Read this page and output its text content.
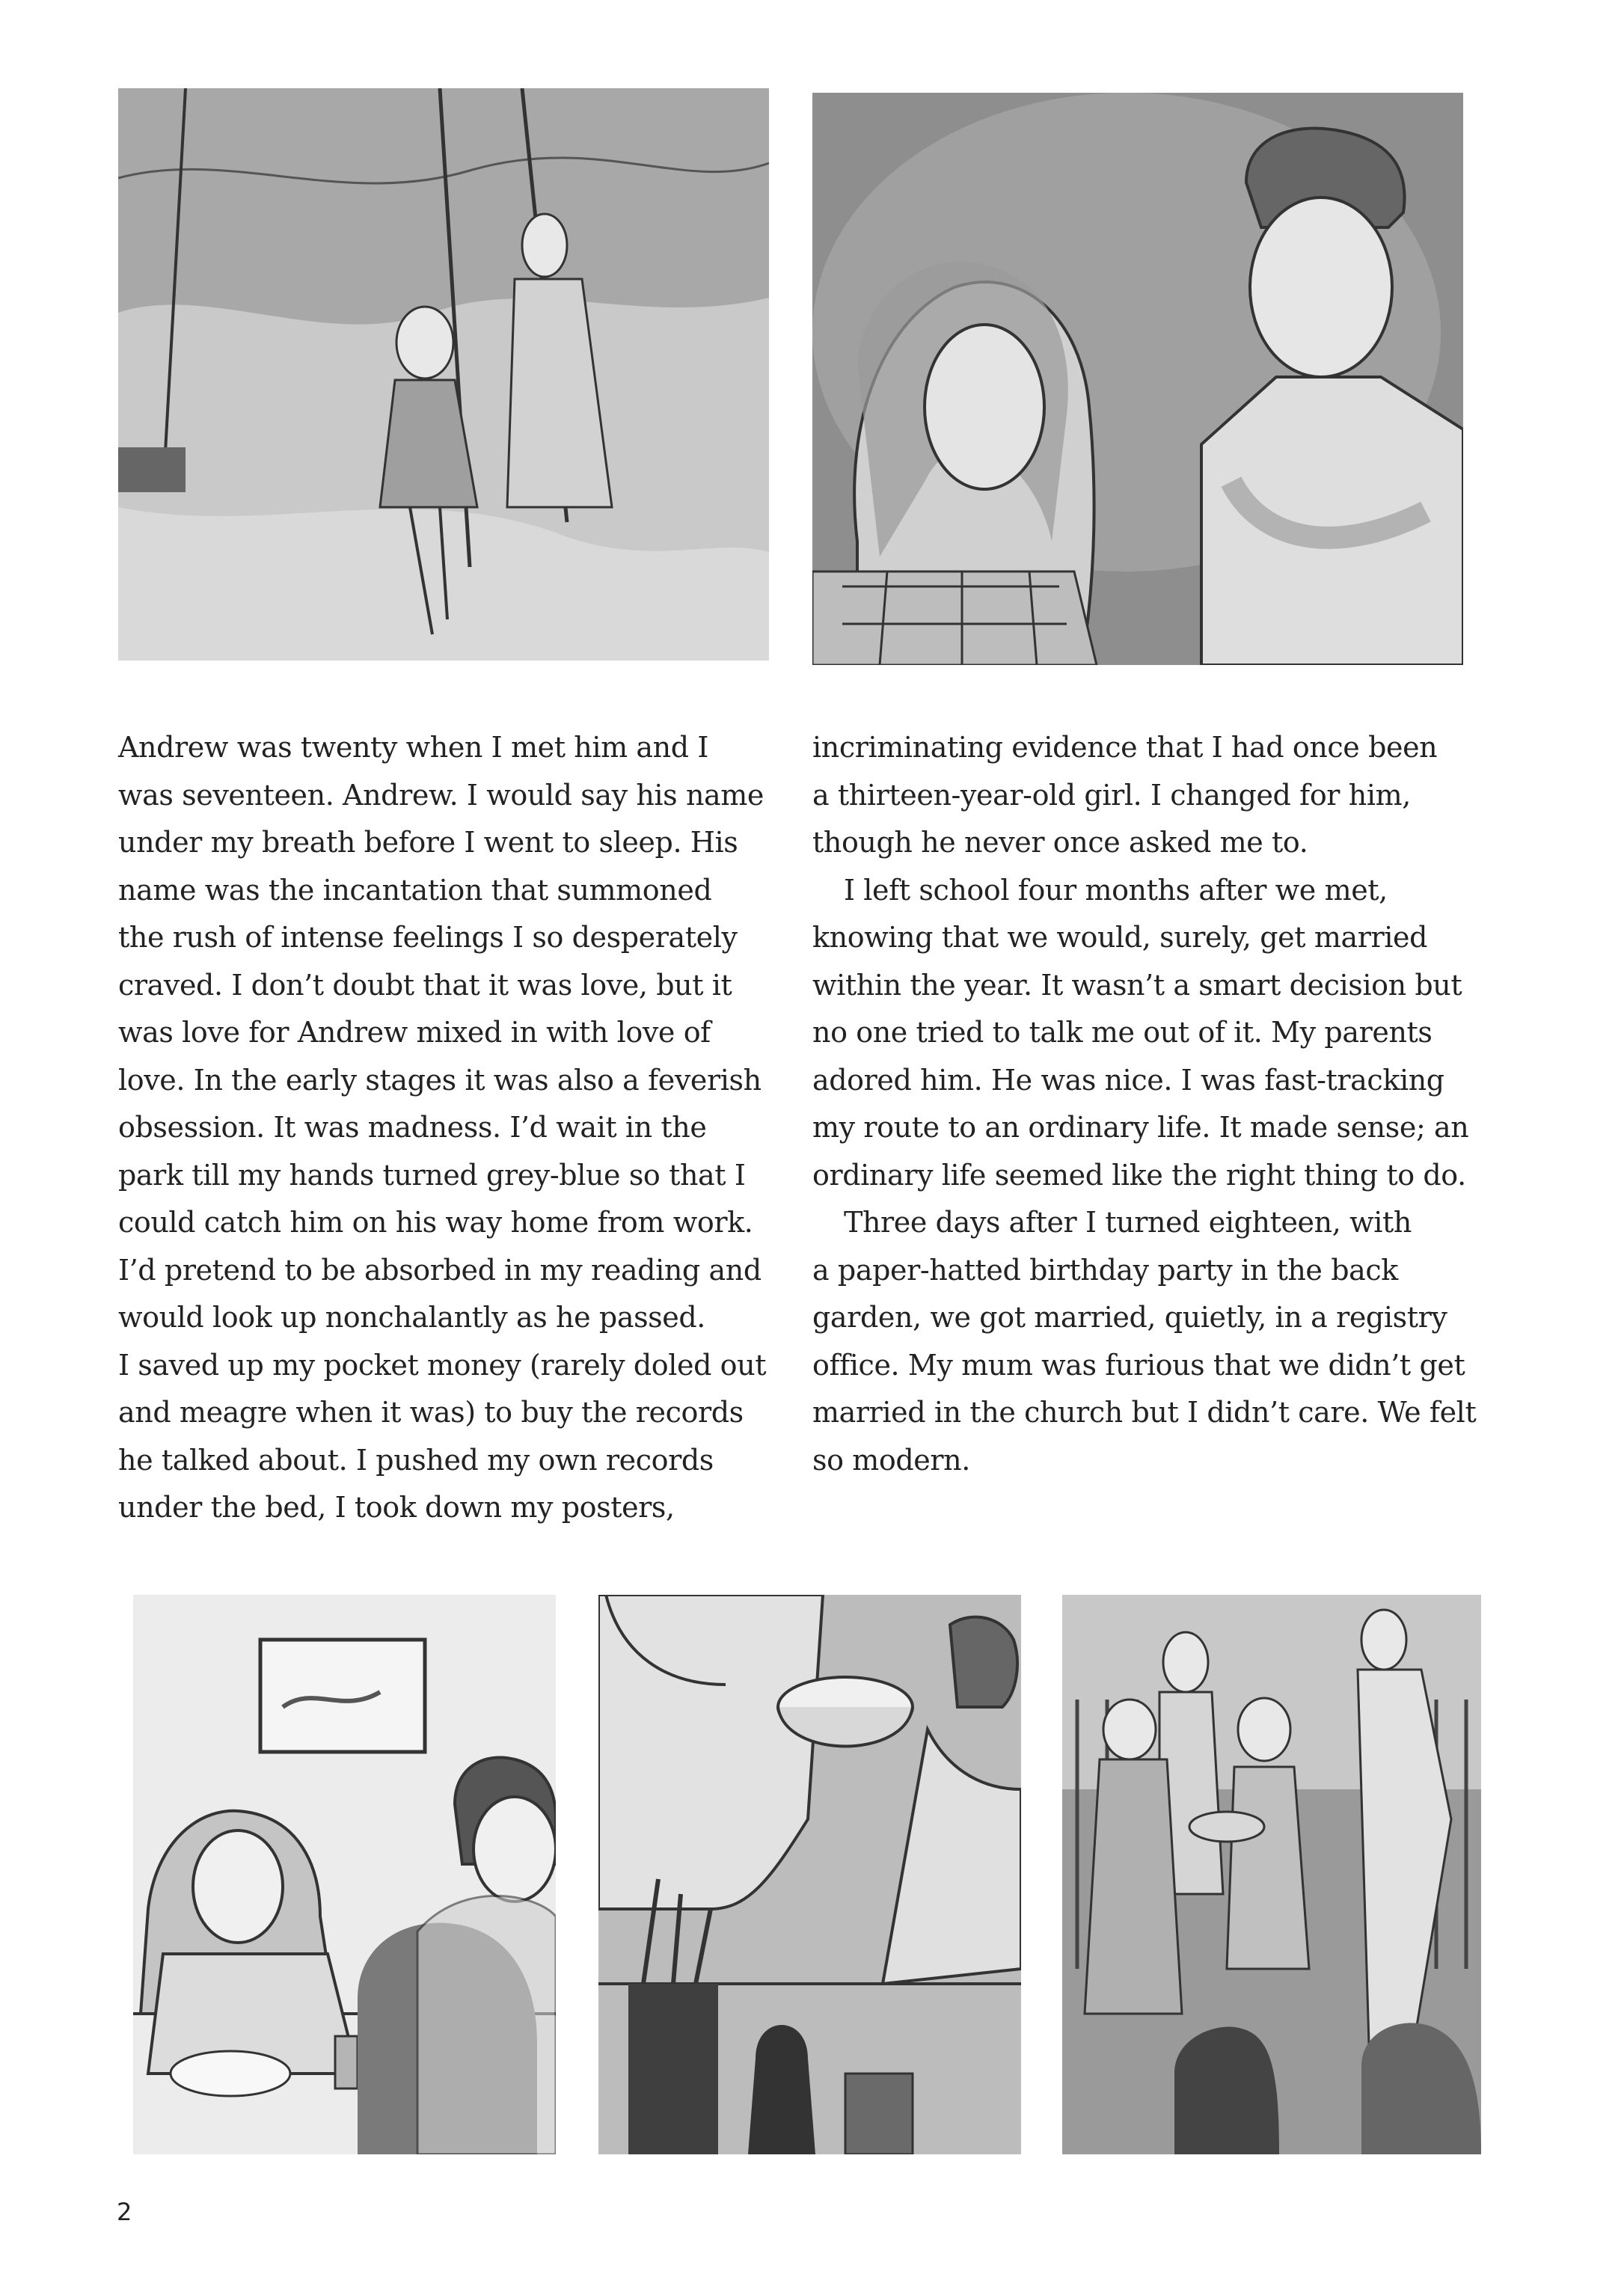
Andrew was twenty when I met him and I
was seventeen. Andrew. I would say his name
under my breath before I went to sleep. His
name was the incantation that summoned
the rush of intense feelings I so desperately
craved. I don’t doubt that it was love, but it
was love for Andrew mixed in with love of
love. In the early stages it was also a feverish
obsession. It was madness. I’d wait in the
park till my hands turned grey-blue so that I
could catch him on his way home from work.
I’d pretend to be absorbed in my reading and
would look up nonchalantly as he passed.
I saved up my pocket money (rarely doled out
and meagre when it was) to buy the records
he talked about. I pushed my own records
under the bed, I took down my posters,
incriminating evidence that I had once been
a thirteen-year-old girl. I changed for him,
though he never once asked me to.
I left school four months after we met,
knowing that we would, surely, get married
within the year. It wasn’t a smart decision but
no one tried to talk me out of it. My parents
adored him. He was nice. I was fast-tracking
my route to an ordinary life. It made sense; an
ordinary life seemed like the right thing to do.
Three days after I turned eighteen, with
a paper-hatted birthday party in the back
garden, we got married, quietly, in a registry
office. My mum was furious that we didn’t get
married in the church but I didn’t care. We felt
so modern.
2
